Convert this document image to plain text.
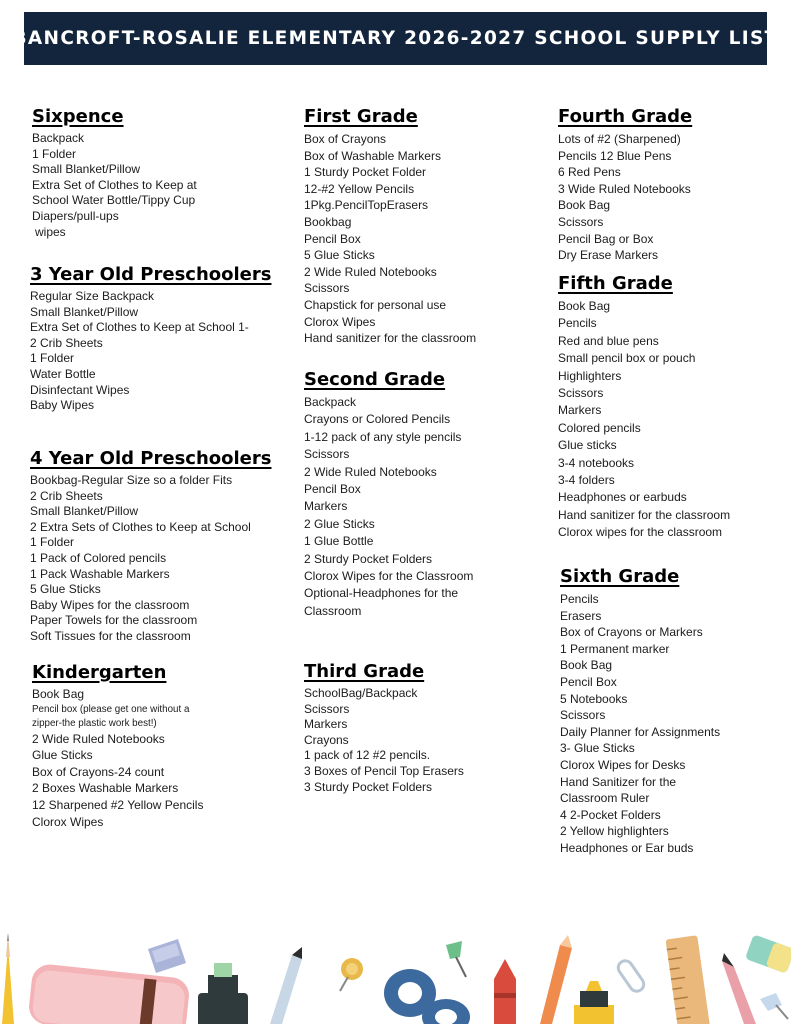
BANCROFT-ROSALIE ELEMENTARY 2026-2027 SCHOOL SUPPLY LIST
Sixpence
Backpack
1 Folder
Small Blanket/Pillow
Extra Set of Clothes to Keep at
School Water Bottle/Tippy Cup
Diapers/pull-ups
wipes
3 Year Old Preschoolers
Regular Size Backpack
Small Blanket/Pillow
Extra Set of Clothes to Keep at School 1-
2 Crib Sheets
1 Folder
Water Bottle
Disinfectant Wipes
Baby Wipes
4 Year Old Preschoolers
Bookbag-Regular Size so a folder Fits
2 Crib Sheets
Small Blanket/Pillow
2 Extra Sets of Clothes to Keep at School
1 Folder
1 Pack of Colored pencils
1 Pack Washable Markers
5 Glue Sticks
Baby Wipes for the classroom
Paper Towels for the classroom
Soft Tissues for the classroom
Kindergarten
Book Bag
Pencil box (please get one without a
zipper-the plastic work best!)
2 Wide Ruled Notebooks
Glue Sticks
Box of Crayons-24 count
2 Boxes Washable Markers
12 Sharpened #2 Yellow Pencils
Clorox Wipes
First Grade
Box of Crayons
Box of Washable Markers
1 Sturdy Pocket Folder
12-#2 Yellow Pencils
1Pkg.PencilTopErasers
Bookbag
Pencil Box
5 Glue Sticks
2 Wide Ruled Notebooks
Scissors
Chapstick for personal use
Clorox Wipes
Hand sanitizer for the classroom
Second Grade
Backpack
Crayons or Colored Pencils
1-12 pack of any style pencils
Scissors
2 Wide Ruled Notebooks
Pencil Box
Markers
2 Glue Sticks
1 Glue Bottle
2 Sturdy Pocket Folders
Clorox Wipes for the Classroom
Optional-Headphones for the
Classroom
Third Grade
SchoolBag/Backpack
Scissors
Markers
Crayons
1 pack of 12 #2 pencils.
3 Boxes of Pencil Top Erasers
3 Sturdy Pocket Folders
Fourth Grade
Lots of #2 (Sharpened)
Pencils 12 Blue Pens
6 Red Pens
3 Wide Ruled Notebooks
Book Bag
Scissors
Pencil Bag or Box
Dry Erase Markers
Fifth Grade
Book Bag
Pencils
Red and blue pens
Small pencil box or pouch
Highlighters
Scissors
Markers
Colored pencils
Glue sticks
3-4 notebooks
3-4 folders
Headphones or earbuds
Hand sanitizer for the classroom
Clorox wipes for the classroom
Sixth Grade
Pencils
Erasers
Box of Crayons or Markers
1 Permanent marker
Book Bag
Pencil Box
5 Notebooks
Scissors
Daily Planner for Assignments
3- Glue Sticks
Clorox Wipes for Desks
Hand Sanitizer for the
Classroom Ruler
4 2-Pocket Folders
2 Yellow highlighters
Headphones or Ear buds
